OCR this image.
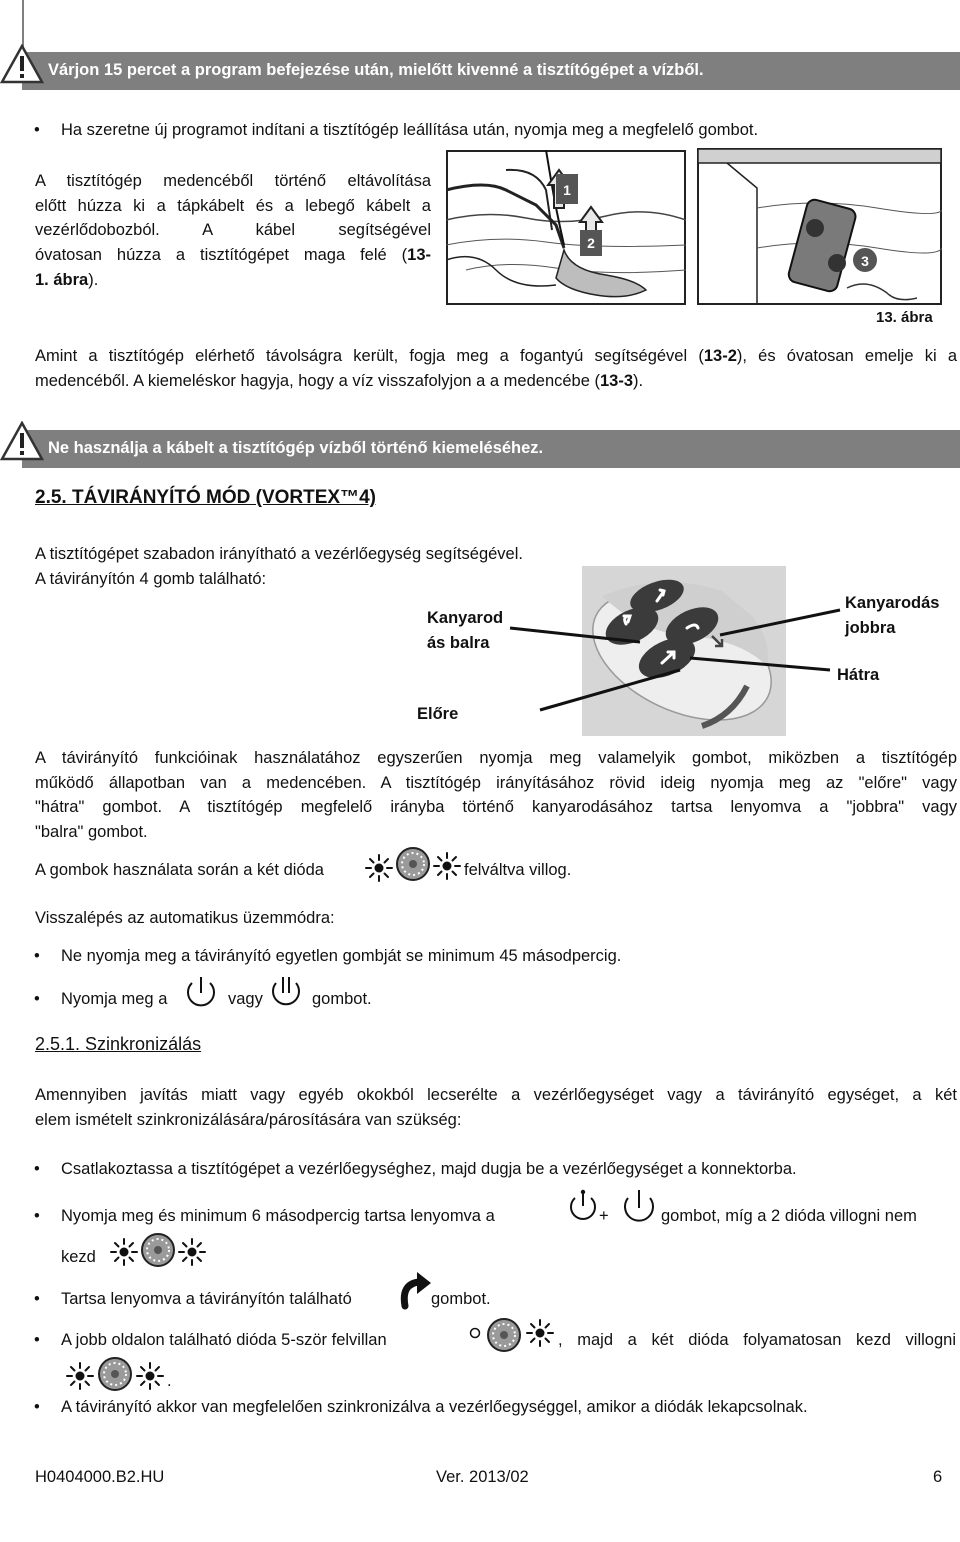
Várjon 15 percet a program befejezése után, mielőtt kivenné a tisztítógépet a vízből.
Ha szeretne új programot indítani a tisztítógép leállítása után, nyomja meg a megfelelő gombot.
A tisztítógép medencéből történő eltávolítása
előtt húzza ki a tápkábelt és a lebegő kábelt a
vezérlődobozból. A kábel segítségével
óvatosan húzza a tisztítógépet maga felé (13-
1. ábra).
1
2
3
13. ábra
Amint a tisztítógép elérhető távolságra került, fogja meg a fogantyú segítségével (13-2), és óvatosan emelje ki a
medencéből. A kiemeléskor hagyja, hogy a víz visszafolyjon a a medencébe (13-3).
Ne használja a kábelt a tisztítógép vízből történő kiemeléséhez.
2.5. TÁVIRÁNYÍTÓ MÓD (VORTEX™4)
A tisztítógépet szabadon irányítható a vezérlőegység segítségével.
A távirányítón 4 gomb található:
Kanyarod
ás balra
Kanyarodás
jobbra
Hátra
Előre
A távirányító funkcióinak használatához egyszerűen nyomja meg valamelyik gombot, miközben a tisztítógép
működő állapotban van a medencében. A tisztítógép irányításához rövid ideig nyomja meg az "előre" vagy
"hátra" gombot. A tisztítógép megfelelő irányba történő kanyarodásához tartsa lenyomva a "jobbra" vagy
"balra" gombot.
A gombok használata során a két dióda	felváltva villog.
Visszalépés az automatikus üzemmódra:
Ne nyomja meg a távirányító egyetlen gombját se minimum 45 másodpercig.
Nyomja meg a	vagy	gombot.
2.5.1. Szinkronizálás
Amennyiben javítás miatt vagy egyéb okokból lecserélte a vezérlőegységet vagy a távirányító egységet, a két
elem ismételt szinkronizálására/párosítására van szükség:
Csatlakoztassa a tisztítógépet a vezérlőegységhez, majd dugja be a vezérlőegységet a konnektorba.
Nyomja meg és minimum 6 másodpercig tartsa lenyomva a	+	gombot, míg a 2 dióda villogni nem
kezd
Tartsa lenyomva a távirányítón található	gombot.
A jobb oldalon található dióda 5-ször felvillan	, majd a két dióda folyamatosan kezd villogni
.
A távirányító akkor van megfelelően szinkronizálva a vezérlőegységgel, amikor a diódák lekapcsolnak.
H0404000.B2.HU	Ver. 2013/02	6
